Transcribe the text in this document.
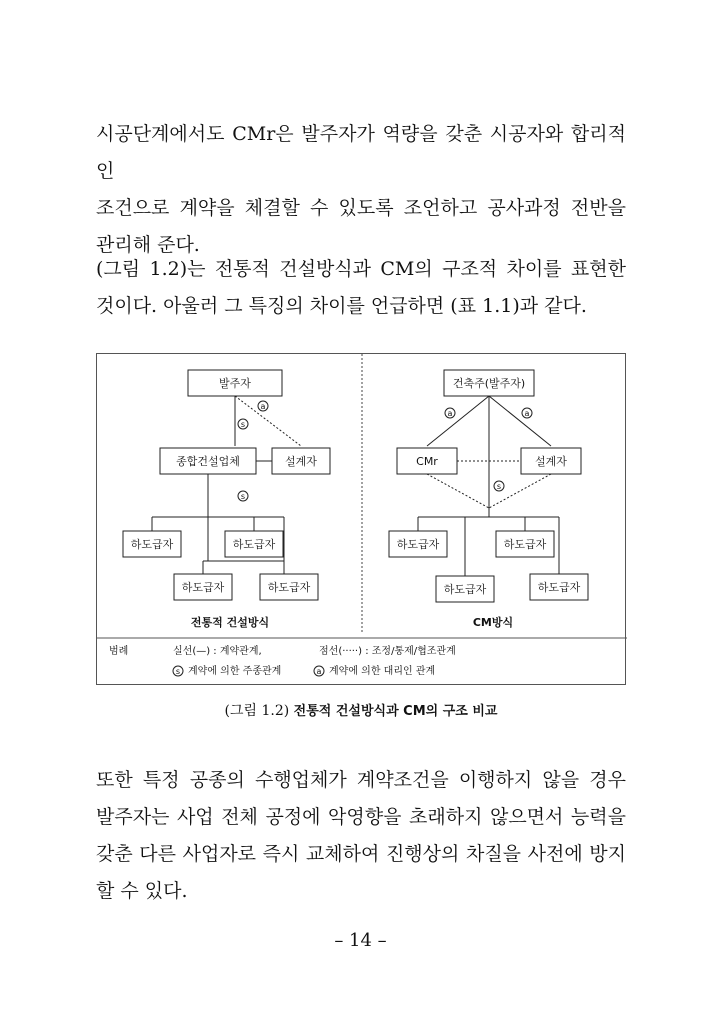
시공단계에서도 CMr은 발주자가 역량을 갖춘 시공자와 합리적인
조건으로 계약을 체결할 수 있도록 조언하고 공사과정 전반을
관리해 준다.
(그림 1.2)는 전통적 건설방식과 CM의 구조적 차이를 표현한
것이다. 아울러 그 특징의 차이를 언급하면 (표 1.1)과 같다.
발주자
a
s
종합건설업체	설계자
s
하도급자	하도급자
하도급자	하도급자
전통적 건설방식
건축주(발주자)
a	a
CMr	설계자
s
하도급자	하도급자
하도급자	하도급자
CM방식
범례	실선(—) : 계약관계,	점선(·····) : 조정/통제/협조관계
s 계약에 의한 주종관계	a 계약에 의한 대리인 관계
(그림 1.2) 전통적 건설방식과 CM의 구조 비교
또한 특정 공종의 수행업체가 계약조건을 이행하지 않을 경우
발주자는 사업 전체 공정에 악영향을 초래하지 않으면서 능력을
갖춘 다른 사업자로 즉시 교체하여 진행상의 차질을 사전에 방지
할 수 있다.
– 14 –
